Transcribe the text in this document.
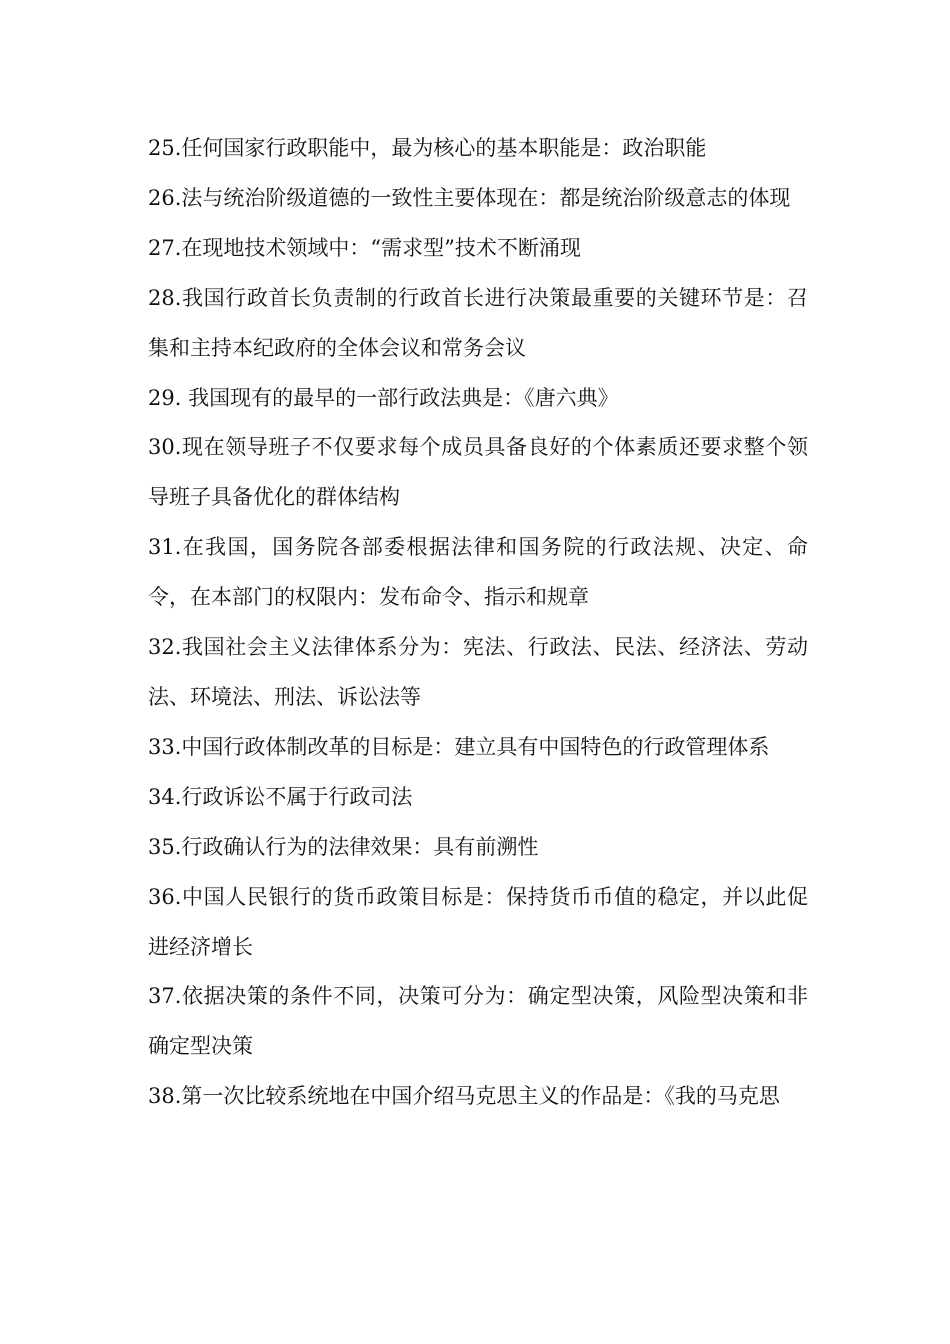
25.任何国家行政职能中，最为核心的基本职能是：政治职能

26.法与统治阶级道德的一致性主要体现在：都是统治阶级意志的体现

27.在现地技术领域中：“需求型”技术不断涌现

28.我国行政首长负责制的行政首长进行决策最重要的关键环节是：召集和主持本纪政府的全体会议和常务会议

29. 我国现有的最早的一部行政法典是：《唐六典》

30.现在领导班子不仅要求每个成员具备良好的个体素质还要求整个领导班子具备优化的群体结构

31.在我国，国务院各部委根据法律和国务院的行政法规、决定、命令，在本部门的权限内：发布命令、指示和规章

32.我国社会主义法律体系分为：宪法、行政法、民法、经济法、劳动法、环境法、刑法、诉讼法等

33.中国行政体制改革的目标是：建立具有中国特色的行政管理体系

34.行政诉讼不属于行政司法

35.行政确认行为的法律效果：具有前溯性

36.中国人民银行的货币政策目标是：保持货币币值的稳定，并以此促进经济增长

37.依据决策的条件不同，决策可分为：确定型决策，风险型决策和非确定型决策

38.第一次比较系统地在中国介绍马克思主义的作品是：《我的马克思
